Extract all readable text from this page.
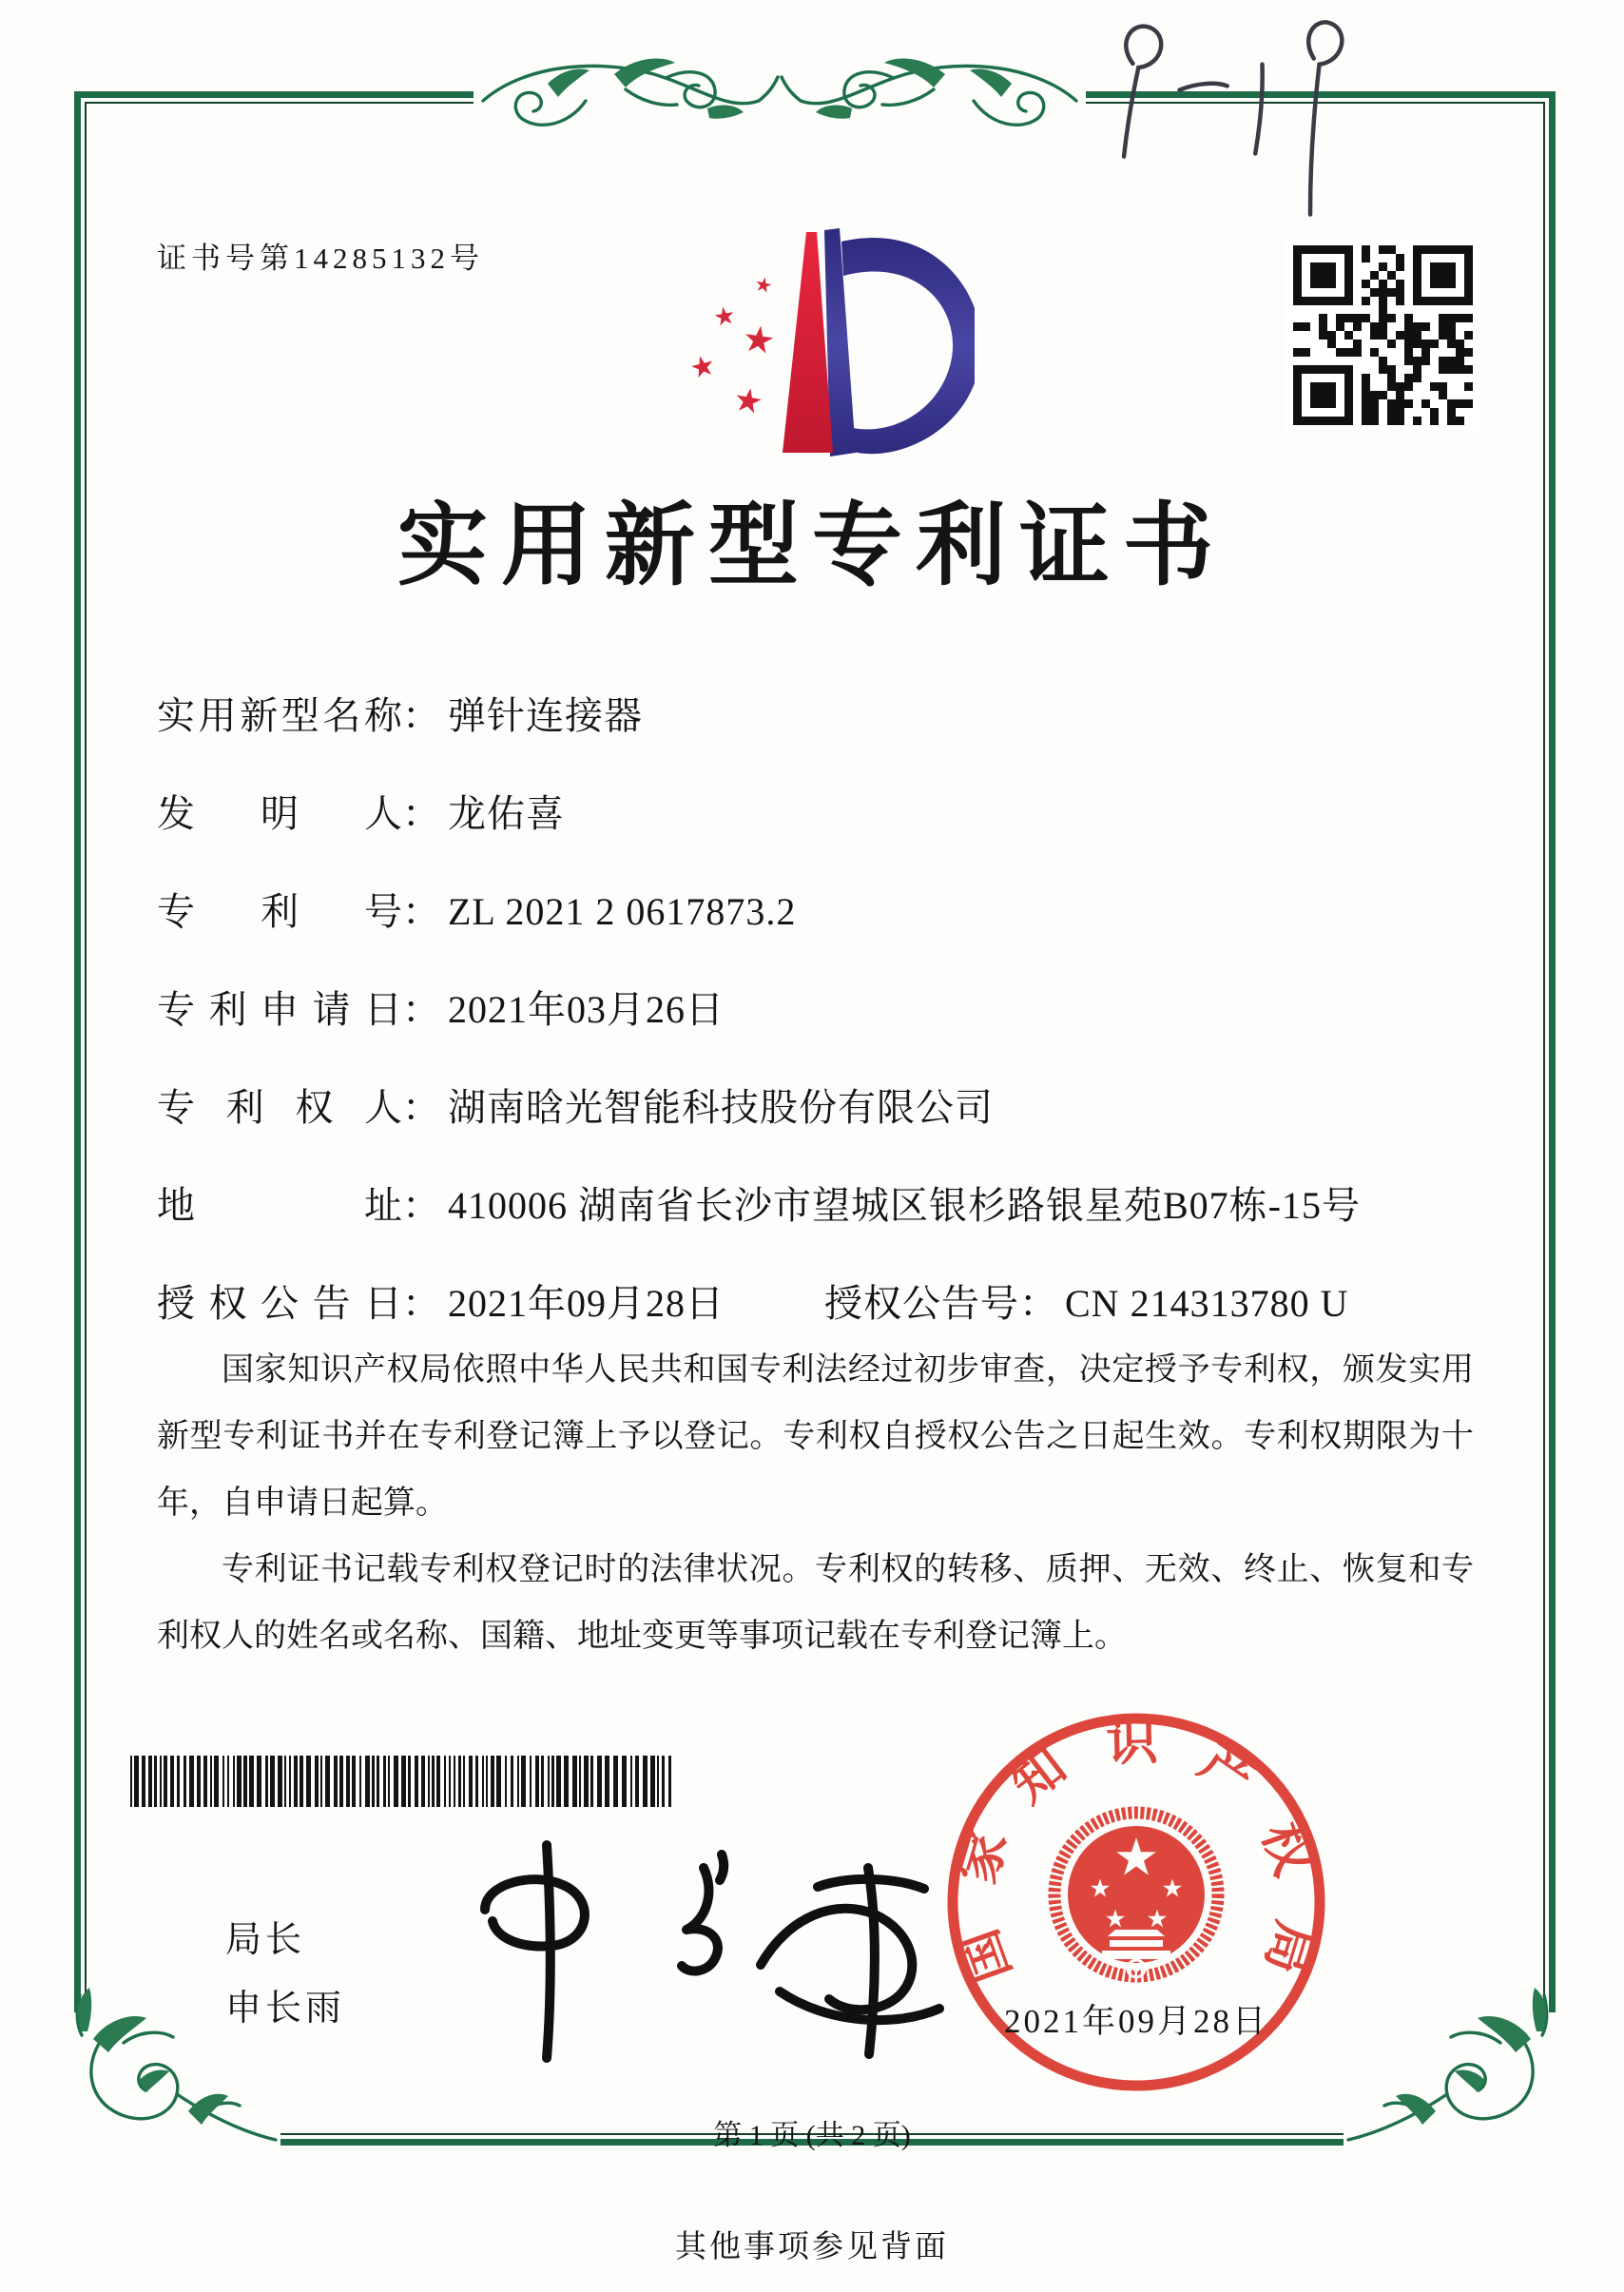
证书号第14285132号
实用新型专利证书
实用新型名称： 弹针连接器
发明人： 龙佑喜
专利号： ZL 2021 2 0617873.2
专利申请日： 2021年03月26日
专利权人： 湖南晗光智能科技股份有限公司
地址： 410006 湖南省长沙市望城区银杉路银星苑B07栋-15号
授权公告日： 2021年09月28日	授权公告号： CN 214313780 U

国家知识产权局依照中华人民共和国专利法经过初步审查，决定授予专利权，颁发实用新型专利证书并在专利登记簿上予以登记。专利权自授权公告之日起生效。专利权期限为十年，自申请日起算。

专利证书记载专利权登记时的法律状况。专利权的转移、质押、无效、终止、恢复和专利权人的姓名或名称、国籍、地址变更等事项记载在专利登记簿上。

局长
申长雨
国家知识产权局
2021年09月28日
第 1 页 (共 2 页)
其他事项参见背面
